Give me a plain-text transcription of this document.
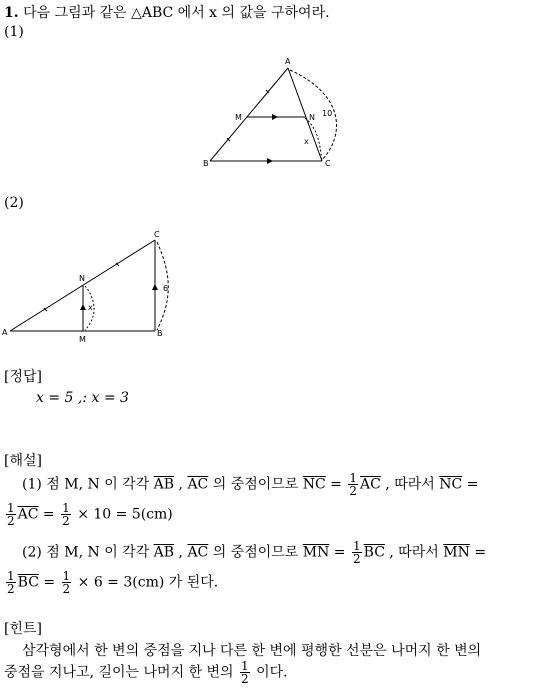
1. 다음 그림과 같은 △ABC 에서 x 의 값을 구하여라.
(1)
A
M	N
B	C
10
x
(2)
A
N
M
B
C
6
x
[정답]
x = 5 ,: x = 3
[해설]
(1) 점 M, N 이 각각 $\overline{AB}$ , $\overline{AC}$ 의 중점이므로 $\overline{NC} = \frac{1}{2} \overline{AC}$ , 따라서 $\overline{NC}$ =
$\frac{1}{2} \overline{AC} = \frac{1}{2} \times 10 = 5(cm)$
(2) 점 M, N 이 각각 $\overline{AB}$ , $\overline{AC}$ 의 중점이므로 $\overline{MN} = \frac{1}{2} \overline{BC}$ , 따라서 $\overline{MN}$ =
$\frac{1}{2} \overline{BC} = \frac{1}{2} \times 6 = 3(cm)$ 가 된다.
[힌트]
삼각형에서 한 변의 중점을 지나 다른 한 변에 평행한 선분은 나머지 한 변의
중점을 지나고, 길이는 나머지 한 변의 $\frac{1}{2}$ 이다.
